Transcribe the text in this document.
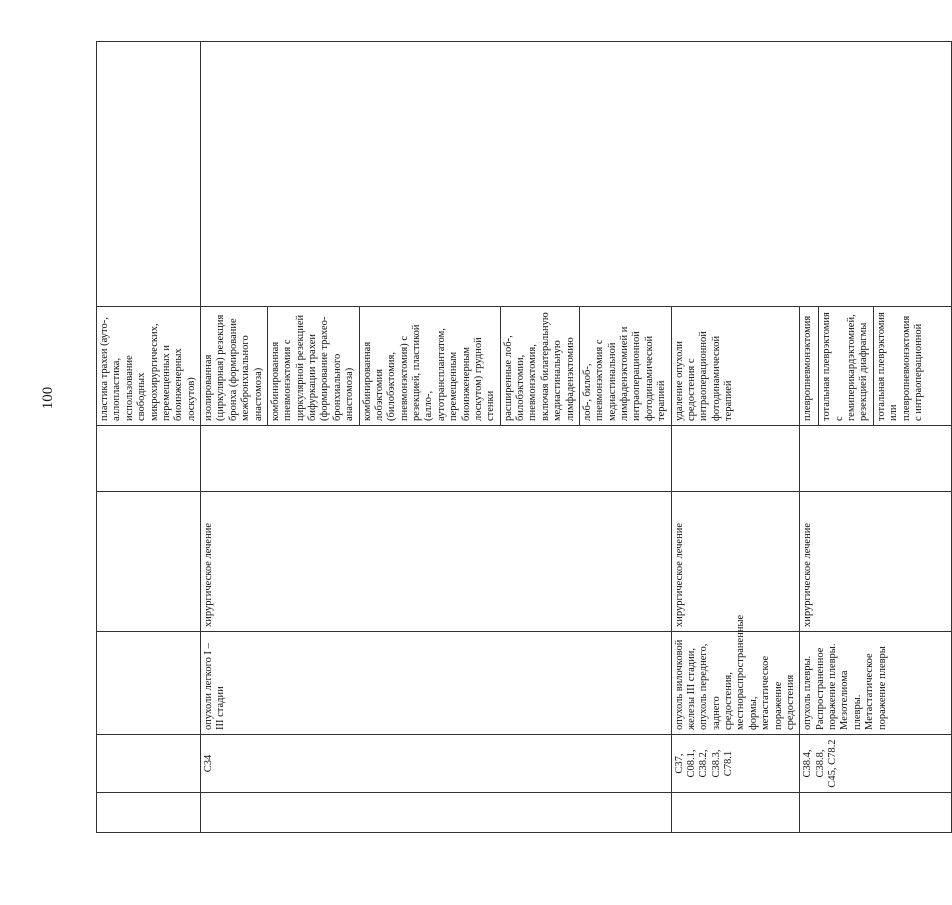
100
						пластика трахеи (ауто-, аллопластика, использование свободных микрохирургических, перемещенных и биоинженерных лоскутов)	
	C34	опухоли легкого I – III стадии	хирургическое лечение		изолированная (циркулярная) резекция бронха (формирование межбронхиального анастомоза)	
					комбинированная пневмонэктомия с циркулярной резекцией бифуркации трахеи (формирование трахео-бронхиального анастомоза)	
					комбинированная лобэктомия (билобэктомия, пневмонэктомия) с резекцией, пластикой (алло-, аутотрансплантатом, перемещенным биоинженерным лоскутом) грудной стенки	
					расширенные лоб-, билобэктомии, пневмонэктомия, включая билатеральную медиастинальную лимфаденэктомию	
					лоб-, билоб-, пневмонэктомия с медиастинальной лимфаденэктомией и интраоперационной фотодинамической терапией	
	C37, C08.1, C38.2, C38.3, C78.1	опухоль вилочковой железы III стадии, опухоль переднего, заднего средостения, местнораспространенные формы, метастатическое поражение средостения	хирургическое лечение		удаление опухоли средостения с интраоперационной фотодинамической терапией	
	C38.4, C38.8, C45, C78.2	опухоль плевры. Распространенное поражение плевры. Мезотелиома плевры. Метастатическое поражение плевры	хирургическое лечение		плевропневмонэктомия	
					тотальная плеврэктомия с гемиперикардэктомией, резекцией диафрагмы	
					тотальная плеврэктомия или плевропневмонэктомия с интраоперационной	
